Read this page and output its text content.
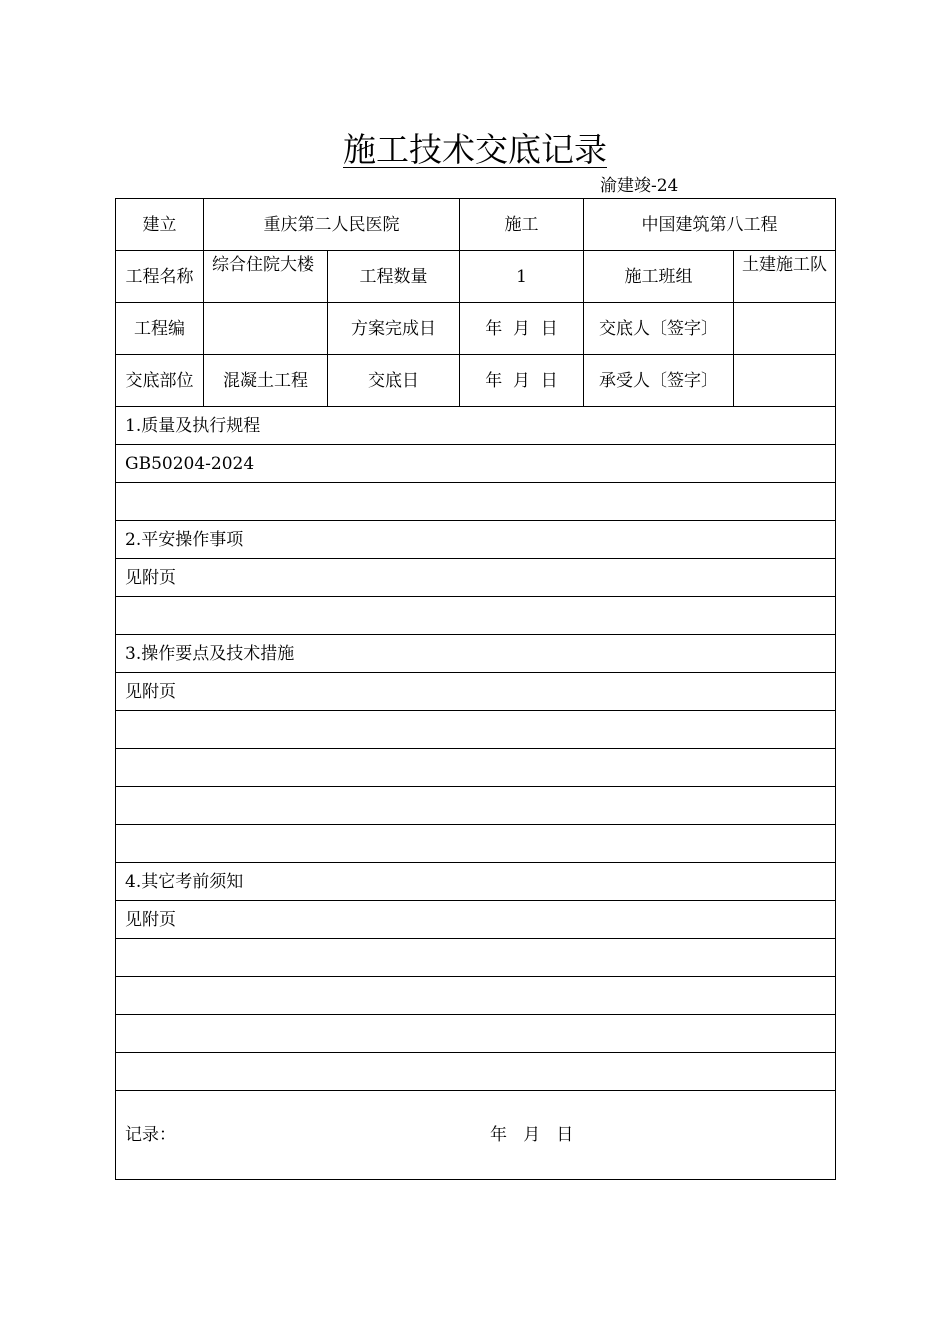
施工技术交底记录
渝建竣-24
建立	重庆第二人民医院		施工	中国建筑第八工程	
工程名称	综合住院大楼	工程数量	1	施工班组	土建施工队
工程编		方案完成日	年  月  日	交底人〔签字〕	
交底部位	混凝土工程	交底日	年  月  日	承受人〔签字〕	
1.质量及执行规程					
GB50204-2024					

2.平安操作事项					
见附页					

3.操作要点及技术措施					
见附页					

4.其它考前须知					
见附页					

记录： 年   月   日					
